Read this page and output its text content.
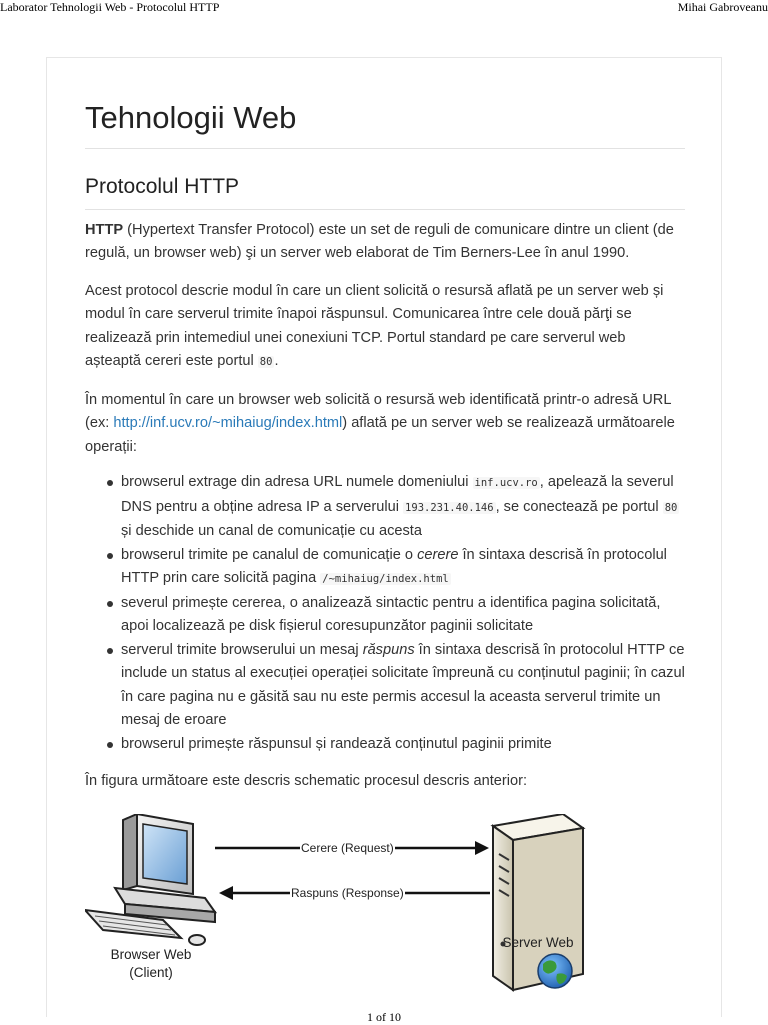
Laborator Tehnologii Web - Protocolul HTTP	Mihai Gabroveanu
Tehnologii Web
Protocolul HTTP

HTTP (Hypertext Transfer Protocol) este un set de reguli de comunicare dintre un client (de regulă, un browser web) şi un server web elaborat de Tim Berners-Lee în anul 1990.

Acest protocol descrie modul în care un client solicită o resursă aflată pe un server web și modul în care serverul trimite înapoi răspunsul. Comunicarea între cele două părţi se realizează prin intemediul unei conexiuni TCP. Portul standard pe care serverul web așteaptă cereri este portul 80 .

În momentul în care un browser web solicită o resursă web identificată printr-o adresă URL (ex: http://inf.ucv.ro/~mihaiug/index.html) aflată pe un server web se realizează următoarele operații:

browserul extrage din adresa URL numele domeniului inf.ucv.ro , apelează la severul DNS pentru a obține adresa IP a serverului 193.231.40.146 , se conectează pe portul 80 și deschide un canal de comunicație cu acesta
browserul trimite pe canalul de comunicație o cerere în sintaxa descrisă în protocolul HTTP prin care solicită pagina /~mihaiug/index.html
severul primește cererea, o analizează sintactic pentru a identifica pagina solicitată, apoi localizează pe disk fișierul coresupunzător paginii solicitate
serverul trimite browserului un mesaj răspuns în sintaxa descrisă în protocolul HTTP ce include un status al execuției operației solicitate împreună cu conținutul paginii; în cazul în care pagina nu e găsită sau nu este permis accesul la aceasta serverul trimite un mesaj de eroare
browserul primește răspunsul și randează conținutul paginii primite

În figura următoare este descris schematic procesul descris anterior:

Cerere (Request)
Raspuns (Response)
Browser Web
(Client)
Server Web
1 of 10
